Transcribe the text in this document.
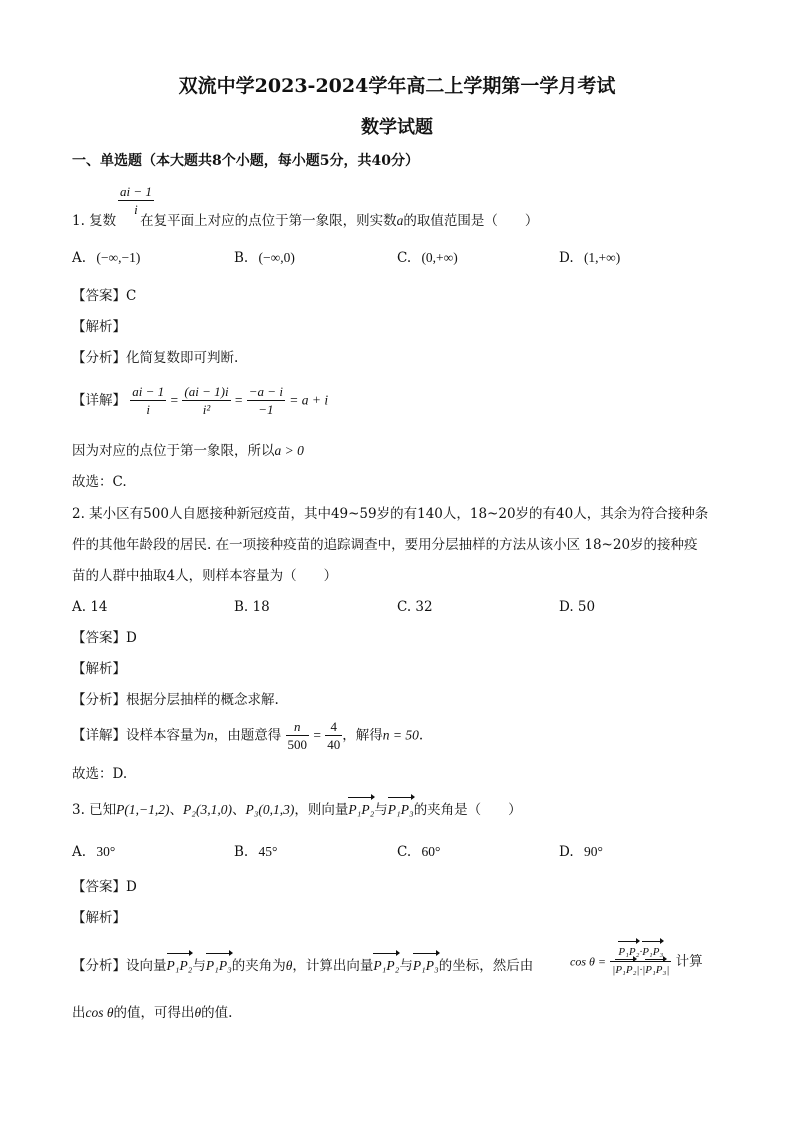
双流中学2023-2024学年高二上学期第一学月考试
数学试题
一、单选题（本大题共8个小题，每小题5分，共40分）
$\frac{ai - 1}{i}$
1. 复数 在复平面上对应的点位于第一象限，则实数a的取值范围是（　　）
A. (−∞,−1)	B. (−∞,0)	C. (0,+∞)	D. (1,+∞)
【答案】C
【解析】
【分析】化简复数即可判断.
【详解】 $\frac{ai - 1}{i} = \frac{(ai - 1)i}{\text{i²}} = \frac{-a - i}{-1} = a + i$
因为对应的点位于第一象限，所以a > 0
故选：C.
2. 某小区有500人自愿接种新冠疫苗，其中49~59岁的有140人，18~20岁的有40人，其余为符合接种条
件的其他年龄段的居民. 在一项接种疫苗的追踪调查中，要用分层抽样的方法从该小区 18~20岁的接种疫
苗的人群中抽取4人，则样本容量为（　　）
A. 14	B. 18	C. 32	D. 50
【答案】D
【解析】
【分析】根据分层抽样的概念求解.
【详解】设样本容量为n，由题意得 $\frac{n}{500} = \frac{4}{40}$ ，解得n = 50.
故选：D.
3. 已知P(1,−1,2)、P₂(3,1,0)、P₃(0,1,3)，则向量P₁P₂与P₁P₃的夹角是（　　）
A. 30°	B. 45°	C. 60°	D. 90°
【答案】D
【解析】
【分析】设向量P₁P₂与P₁P₃的夹角为θ，计算出向量P₁P₂与P₁P₃的坐标，然后由	$\cos \theta = \frac{\text{P₁P₂·P₁P₃}}{\text{|P₁P₂|·|P₁P₃|}}$ 计算
出cos θ的值，可得出θ的值.
